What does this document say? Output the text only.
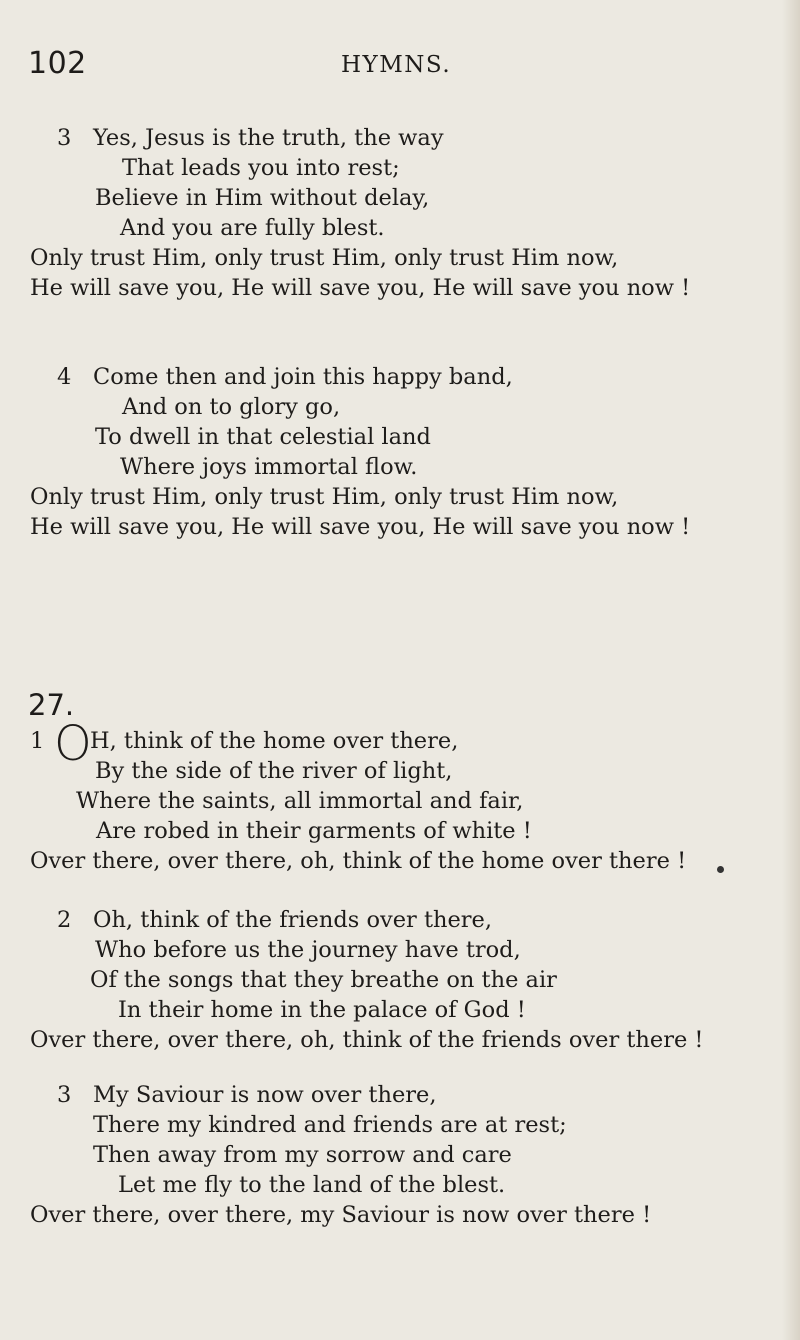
102	HYMNS.
3 Yes, Jesus is the truth, the way
That leads you into rest;
Believe in Him without delay,
And you are fully blest.
Only trust Him, only trust Him, only trust Him now,
He will save you, He will save you, He will save you now !
4 Come then and join this happy band,
And on to glory go,
To dwell in that celestial land
Where joys immortal flow.
Only trust Him, only trust Him, only trust Him now,
He will save you, He will save you, He will save you now !
27.
1 O
H, think of the home over there,
By the side of the river of light,
Where the saints, all immortal and fair,
Are robed in their garments of white !
Over there, over there, oh, think of the home over there !
2 Oh, think of the friends over there,
Who before us the journey have trod,
Of the songs that they breathe on the air
In their home in the palace of God !
Over there, over there, oh, think of the friends over there !
3 My Saviour is now over there,
There my kindred and friends are at rest;
Then away from my sorrow and care
Let me fly to the land of the blest.
Over there, over there, my Saviour is now over there !
